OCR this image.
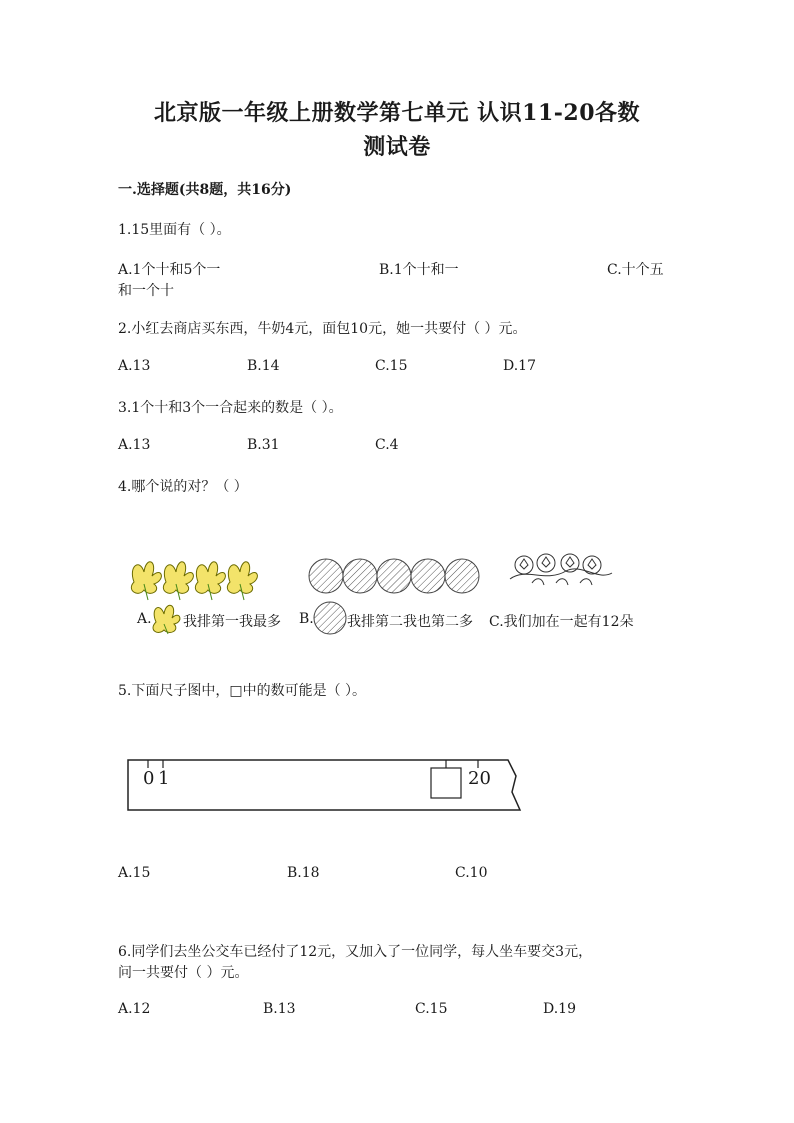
北京版一年级上册数学第七单元 认识11-20各数
测试卷
一.选择题(共8题，共16分)
1.15里面有（ ）。
A.1个十和5个一	B.1个十和一	C.十个五
和一个十
2.小红去商店买东西，牛奶4元，面包10元，她一共要付（ ）元。
A.13	B.14	C.15	D.17
3.1个十和3个一合起来的数是（ ）。
A.13	B.31	C.4
4.哪个说的对？（ ）
A. 我排第一我最多 B. 我排第二我也第二多 C.我们加在一起有12朵
5.下面尺子图中，□中的数可能是（ ）。
0 1	20
A.15	B.18	C.10
6.同学们去坐公交车已经付了12元，又加入了一位同学，每人坐车要交3元，
问一共要付（ ）元。
A.12	B.13	C.15	D.19
